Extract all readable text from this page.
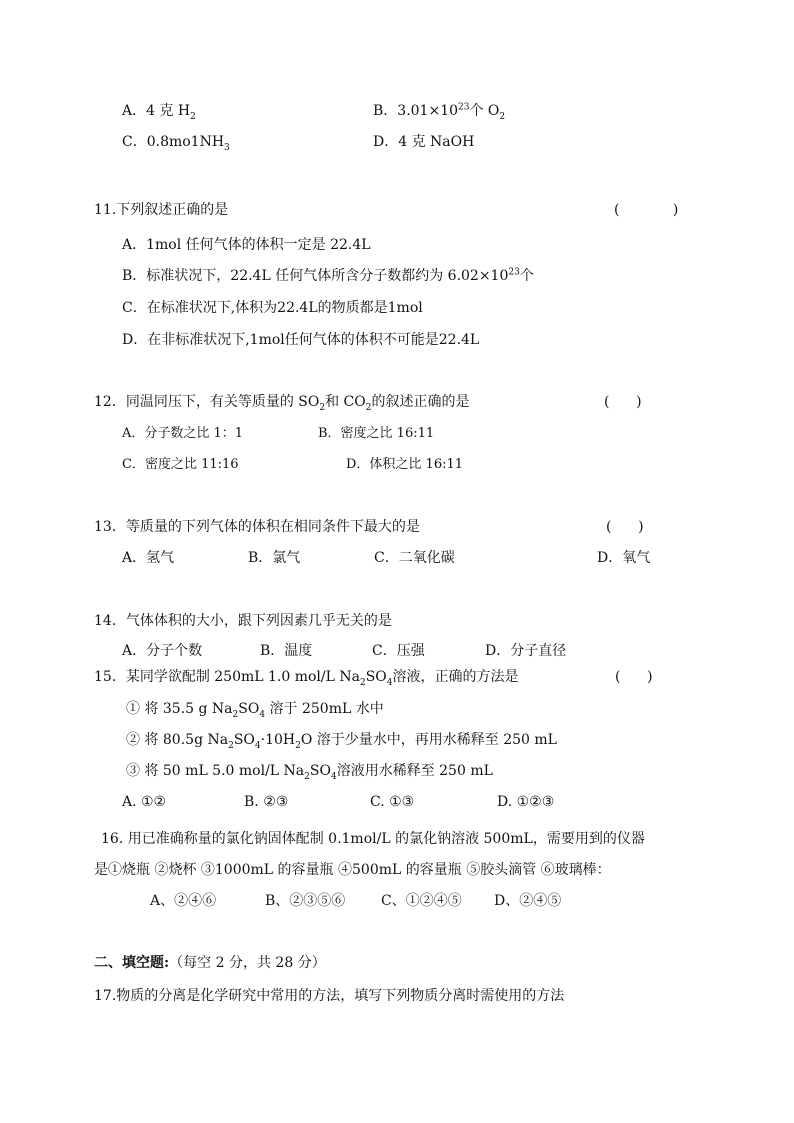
A．4 克 $H_2$	B．$3.01\times 10^{23}$个 $O_2$
C．$0.8mo1NH_3$	D．4 克 NaOH
11.下列叙述正确的是	(            )
A．1mol 任何气体的体积一定是 22.4L
B．标准状况下，22.4L 任何气体所含分子数都约为 $6.02\times 10^{23}$个
C．在标准状况下,体积为22.4L的物质都是1mol
D．在非标准状况下,1mol任何气体的体积不可能是22.4L
12．同温同压下，有关等质量的 $SO_2$和 $CO_2$的叙述正确的是	(      )
A．分子数之比 1：1	B．密度之比 16:11
C．密度之比 11:16	D．体积之比 16:11
13．等质量的下列气体的体积在相同条件下最大的是	(      )
A．氢气	B．氯气	C．二氧化碳	D．氧气
14．气体体积的大小，跟下列因素几乎无关的是
A．分子个数	B．温度	C．压强	D．分子直径
15．某同学欲配制 250mL 1.0 mol/L $Na_2SO_4$溶液，正确的方法是	(      )
① 将 35.5 g $Na_2SO_4$ 溶于 250mL 水中
② 将 80.5g $Na_2SO_4\cdot 10H_2O$ 溶于少量水中，再用水稀释至 250 mL
③ 将 50 mL 5.0 mol/L $Na_2SO_4$溶液用水稀释至 250 mL
A. ①②	B. ②③	C. ①③	D. ①②③
16. 用已准确称量的氯化钠固体配制 0.1mol/L 的氯化钠溶液 500mL，需要用到的仪器
是①烧瓶 ②烧杯 ③1000mL 的容量瓶 ④500mL 的容量瓶 ⑤胶头滴管 ⑥玻璃棒：
A、②④⑥	B、②③⑤⑥	C、①②④⑤ D、②④⑤
二、填空题:（每空 2 分，共 28 分）
17.物质的分离是化学研究中常用的方法，填写下列物质分离时需使用的方法
